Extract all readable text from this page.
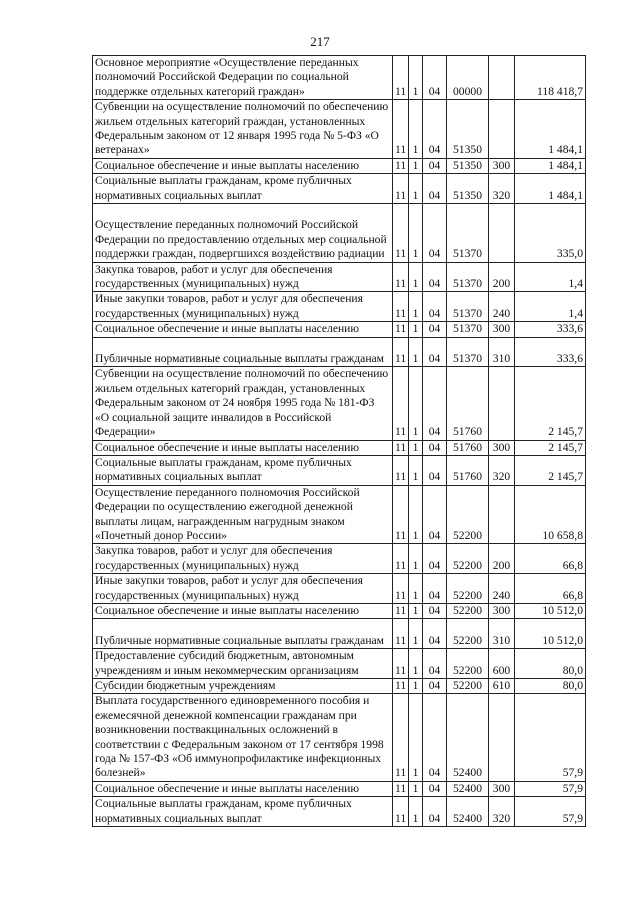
217
Основное мероприятие «Осуществление переданных полномочий Российской Федерации по социальной поддержке отдельных категорий граждан»	11	1	04	00000		118 418,7
Субвенции на осуществление полномочий по обеспечению жильем отдельных категорий граждан, установленных Федеральным законом от 12 января 1995 года № 5-ФЗ «О ветеранах»	11	1	04	51350		1 484,1
Социальное обеспечение и иные выплаты населению	11	1	04	51350	300	1 484,1
Социальные выплаты гражданам, кроме публичных нормативных социальных выплат	11	1	04	51350	320	1 484,1
Осуществление переданных полномочий Российской Федерации по предоставлению отдельных мер социальной поддержки граждан, подвергшихся воздействию радиации	11	1	04	51370		335,0
Закупка товаров, работ и услуг для обеспечения государственных (муниципальных) нужд	11	1	04	51370	200	1,4
Иные закупки товаров, работ и услуг для обеспечения государственных (муниципальных) нужд	11	1	04	51370	240	1,4
Социальное обеспечение и иные выплаты населению	11	1	04	51370	300	333,6
Публичные нормативные социальные выплаты гражданам	11	1	04	51370	310	333,6
Субвенции на осуществление полномочий по обеспечению жильем отдельных категорий граждан, установленных Федеральным законом от 24 ноября 1995 года № 181-ФЗ «О социальной защите инвалидов в Российской Федерации»	11	1	04	51760		2 145,7
Социальное обеспечение и иные выплаты населению	11	1	04	51760	300	2 145,7
Социальные выплаты гражданам, кроме публичных нормативных социальных выплат	11	1	04	51760	320	2 145,7
Осуществление переданного полномочия Российской Федерации по осуществлению ежегодной денежной выплаты лицам, награжденным нагрудным знаком «Почетный донор России»	11	1	04	52200		10 658,8
Закупка товаров, работ и услуг для обеспечения государственных (муниципальных) нужд	11	1	04	52200	200	66,8
Иные закупки товаров, работ и услуг для обеспечения государственных (муниципальных) нужд	11	1	04	52200	240	66,8
Социальное обеспечение и иные выплаты населению	11	1	04	52200	300	10 512,0
Публичные нормативные социальные выплаты гражданам	11	1	04	52200	310	10 512,0
Предоставление субсидий бюджетным, автономным учреждениям и иным некоммерческим организациям	11	1	04	52200	600	80,0
Субсидии бюджетным учреждениям	11	1	04	52200	610	80,0
Выплата государственного единовременного пособия и ежемесячной денежной компенсации гражданам при возникновении поствакцинальных осложнений в соответствии с Федеральным законом от 17 сентября 1998 года № 157-ФЗ «Об иммунопрофилактике инфекционных болезней»	11	1	04	52400		57,9
Социальное обеспечение и иные выплаты населению	11	1	04	52400	300	57,9
Социальные выплаты гражданам, кроме публичных нормативных социальных выплат	11	1	04	52400	320	57,9
